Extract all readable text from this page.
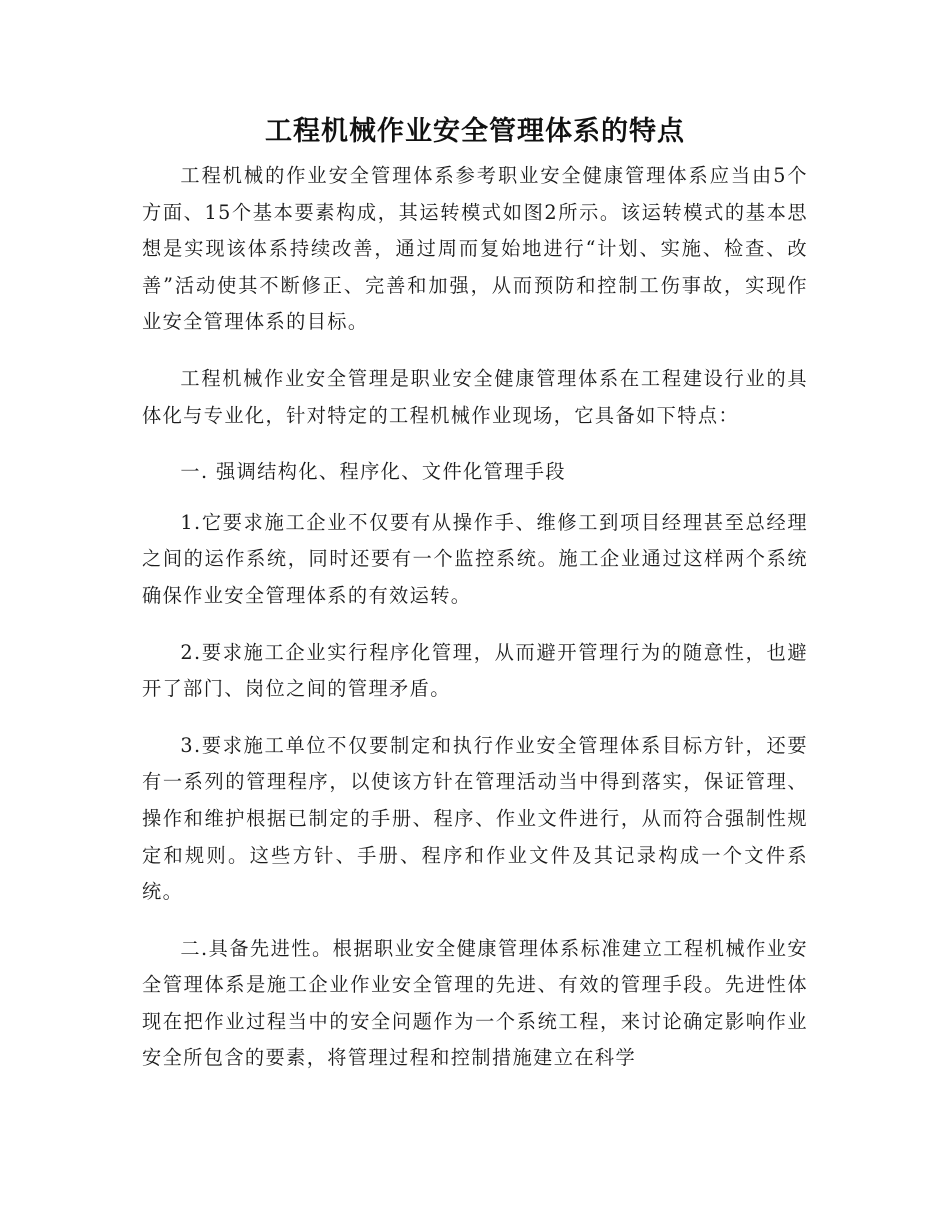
工程机械作业安全管理体系的特点

工程机械的作业安全管理体系参考职业安全健康管理体系应当由5个方面、15个基本要素构成，其运转模式如图2所示。该运转模式的基本思想是实现该体系持续改善，通过周而复始地进行“计划、实施、检查、改善”活动使其不断修正、完善和加强，从而预防和控制工伤事故，实现作业安全管理体系的目标。

工程机械作业安全管理是职业安全健康管理体系在工程建设行业的具体化与专业化，针对特定的工程机械作业现场，它具备如下特点：

一. 强调结构化、程序化、文件化管理手段

1.它要求施工企业不仅要有从操作手、维修工到项目经理甚至总经理之间的运作系统，同时还要有一个监控系统。施工企业通过这样两个系统确保作业安全管理体系的有效运转。

2.要求施工企业实行程序化管理，从而避开管理行为的随意性，也避开了部门、岗位之间的管理矛盾。

3.要求施工单位不仅要制定和执行作业安全管理体系目标方针，还要有一系列的管理程序，以使该方针在管理活动当中得到落实，保证管理、操作和维护根据已制定的手册、程序、作业文件进行，从而符合强制性规定和规则。这些方针、手册、程序和作业文件及其记录构成一个文件系统。

二.具备先进性。根据职业安全健康管理体系标准建立工程机械作业安全管理体系是施工企业作业安全管理的先进、有效的管理手段。先进性体现在把作业过程当中的安全问题作为一个系统工程，来讨论确定影响作业安全所包含的要素，将管理过程和控制措施建立在科学
